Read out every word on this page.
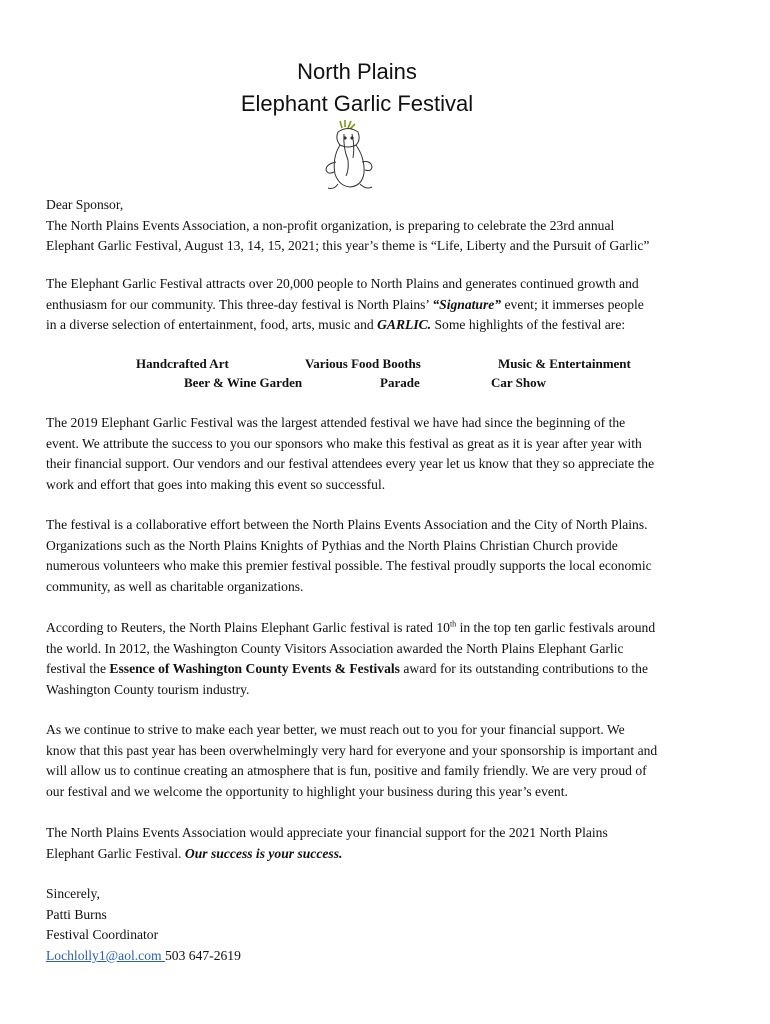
North Plains
Elephant Garlic Festival
Dear Sponsor,
The North Plains Events Association, a non-profit organization, is preparing to celebrate the 23rd annual
Elephant Garlic Festival, August 13, 14, 15, 2021; this year’s theme is “Life, Liberty and the Pursuit of Garlic”
The Elephant Garlic Festival attracts over 20,000 people to North Plains and generates continued growth and
enthusiasm for our community. This three-day festival is North Plains’ “Signature” event; it immerses people
in a diverse selection of entertainment, food, arts, music and GARLIC. Some highlights of the festival are:
Handcrafted Art	Various Food Booths	Music & Entertainment
Beer & Wine Garden	Parade	Car Show
The 2019 Elephant Garlic Festival was the largest attended festival we have had since the beginning of the
event. We attribute the success to you our sponsors who make this festival as great as it is year after year with
their financial support. Our vendors and our festival attendees every year let us know that they so appreciate the
work and effort that goes into making this event so successful.
The festival is a collaborative effort between the North Plains Events Association and the City of North Plains.
Organizations such as the North Plains Knights of Pythias and the North Plains Christian Church provide
numerous volunteers who make this premier festival possible. The festival proudly supports the local economic
community, as well as charitable organizations.
According to Reuters, the North Plains Elephant Garlic festival is rated 10th in the top ten garlic festivals around
the world. In 2012, the Washington County Visitors Association awarded the North Plains Elephant Garlic
festival the Essence of Washington County Events & Festivals award for its outstanding contributions to the
Washington County tourism industry.
As we continue to strive to make each year better, we must reach out to you for your financial support. We
know that this past year has been overwhelmingly very hard for everyone and your sponsorship is important and
will allow us to continue creating an atmosphere that is fun, positive and family friendly. We are very proud of
our festival and we welcome the opportunity to highlight your business during this year’s event.
The North Plains Events Association would appreciate your financial support for the 2021 North Plains
Elephant Garlic Festival. Our success is your success.
Sincerely,
Patti Burns
Festival Coordinator
Lochlolly1@aol.com 503 647-2619
